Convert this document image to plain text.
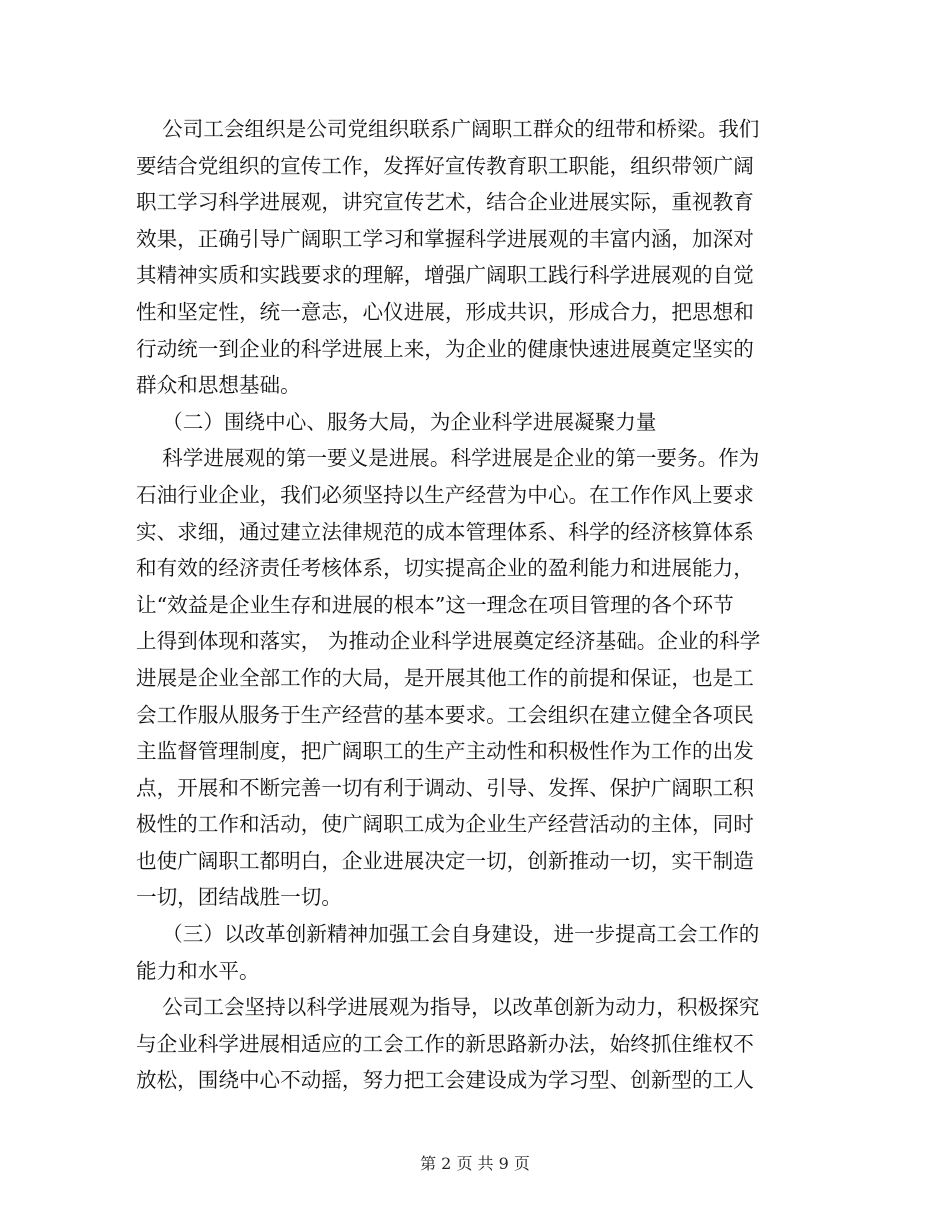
公司工会组织是公司党组织联系广阔职工群众的纽带和桥梁。我们
要结合党组织的宣传工作，发挥好宣传教育职工职能，组织带领广阔
职工学习科学进展观，讲究宣传艺术，结合企业进展实际，重视教育
效果，正确引导广阔职工学习和掌握科学进展观的丰富内涵，加深对
其精神实质和实践要求的理解，增强广阔职工践行科学进展观的自觉
性和坚定性，统一意志，心仪进展，形成共识，形成合力，把思想和
行动统一到企业的科学进展上来，为企业的健康快速进展奠定坚实的
群众和思想基础。

（二）围绕中心、服务大局，为企业科学进展凝聚力量

科学进展观的第一要义是进展。科学进展是企业的第一要务。作为
石油行业企业，我们必须坚持以生产经营为中心。在工作作风上要求
实、求细，通过建立法律规范的成本管理体系、科学的经济核算体系
和有效的经济责任考核体系，切实提高企业的盈利能力和进展能力，
让“效益是企业生存和进展的根本”这一理念在项目管理的各个环节
上得到体现和落实， 为推动企业科学进展奠定经济基础。企业的科学
进展是企业全部工作的大局，是开展其他工作的前提和保证，也是工
会工作服从服务于生产经营的基本要求。工会组织在建立健全各项民
主监督管理制度，把广阔职工的生产主动性和积极性作为工作的出发
点，开展和不断完善一切有利于调动、引导、发挥、保护广阔职工积
极性的工作和活动，使广阔职工成为企业生产经营活动的主体，同时
也使广阔职工都明白，企业进展决定一切，创新推动一切，实干制造
一切，团结战胜一切。

（三）以改革创新精神加强工会自身建设，进一步提高工会工作的
能力和水平。

公司工会坚持以科学进展观为指导，以改革创新为动力，积极探究
与企业科学进展相适应的工会工作的新思路新办法，始终抓住维权不
放松，围绕中心不动摇，努力把工会建设成为学习型、创新型的工人

第 2 页 共 9 页
